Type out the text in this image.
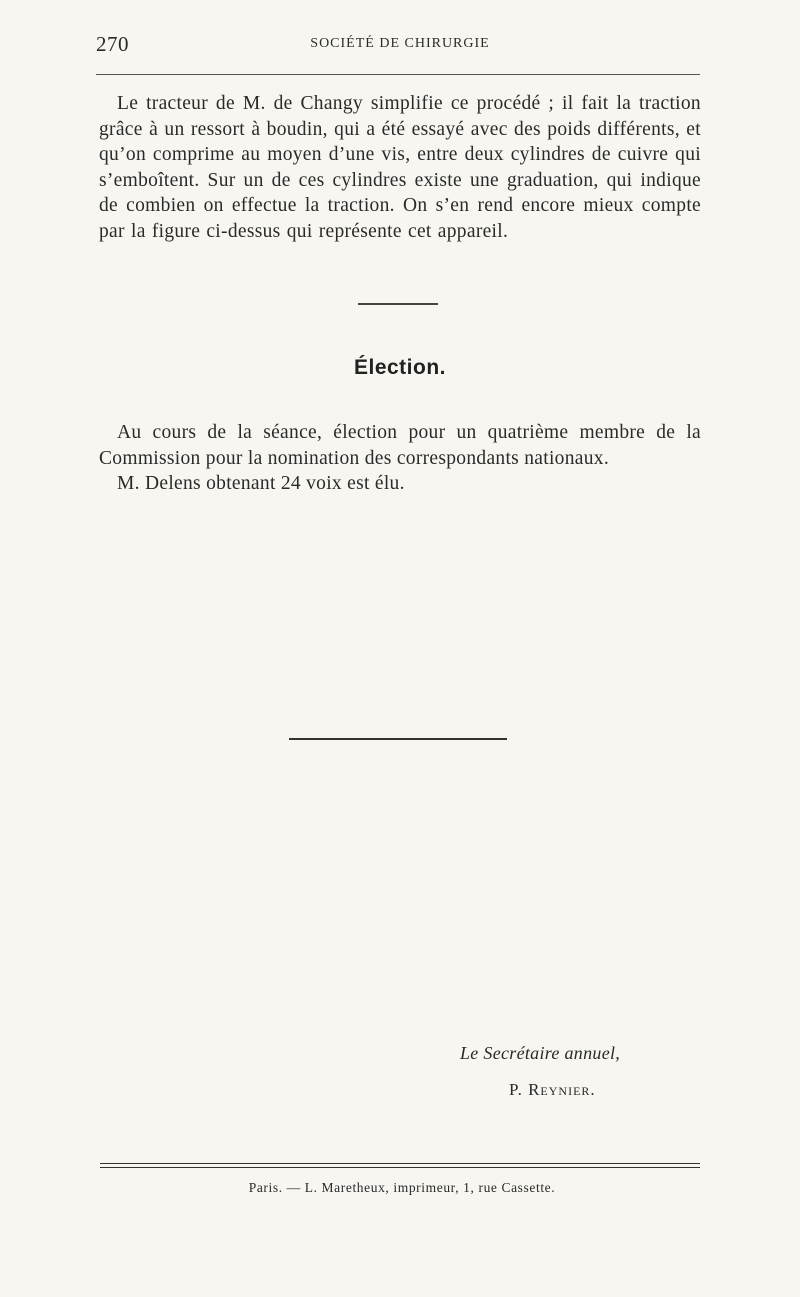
270	SOCIÉTÉ DE CHIRURGIE
Le tracteur de M. de Changy simplifie ce procédé ; il fait la traction grâce à un ressort à boudin, qui a été essayé avec des poids différents, et qu’on comprime au moyen d’une vis, entre deux cylindres de cuivre qui s’emboîtent. Sur un de ces cylindres existe une graduation, qui indique de combien on effectue la traction. On s’en rend encore mieux compte par la figure ci-dessus qui représente cet appareil.
Élection.
Au cours de la séance, élection pour un quatrième membre de la Commission pour la nomination des correspondants nationaux.
M. Delens obtenant 24 voix est élu.
Le Secrétaire annuel,
P. Reynier.
Paris. — L. Maretheux, imprimeur, 1, rue Cassette.
